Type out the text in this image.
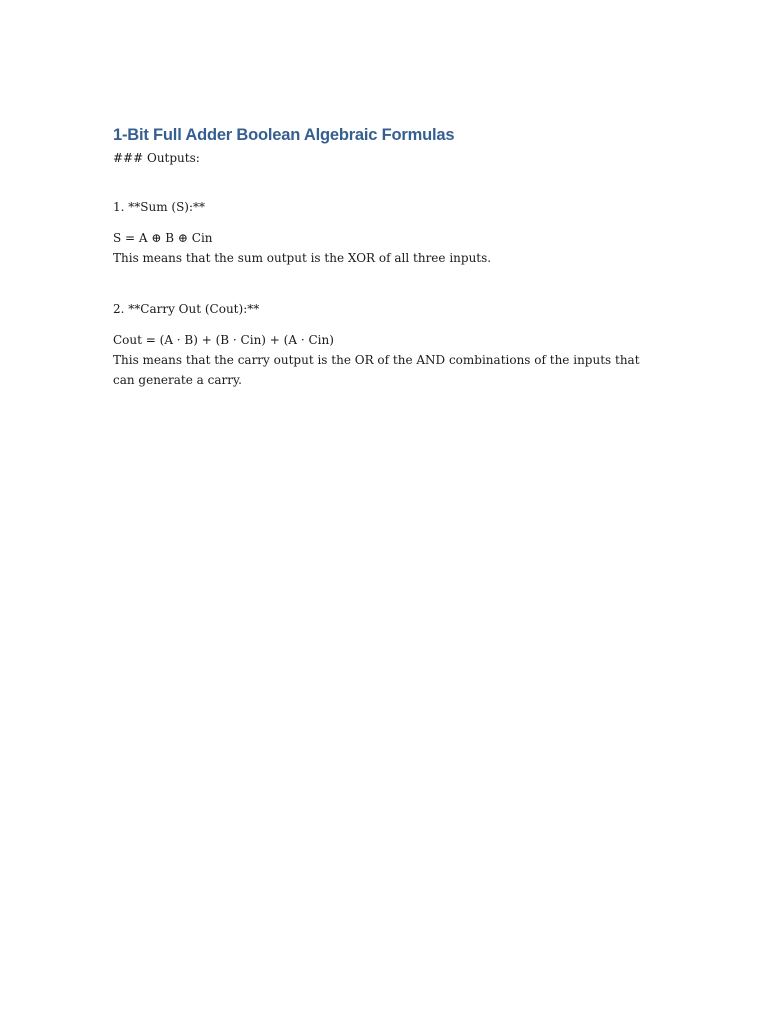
1-Bit Full Adder Boolean Algebraic Formulas

### Outputs:

1. **Sum (S):**

S = A ⊕ B ⊕ Cin

This means that the sum output is the XOR of all three inputs.

2. **Carry Out (Cout):**

Cout = (A · B) + (B · Cin) + (A · Cin)

This means that the carry output is the OR of the AND combinations of the inputs that can generate a carry.
